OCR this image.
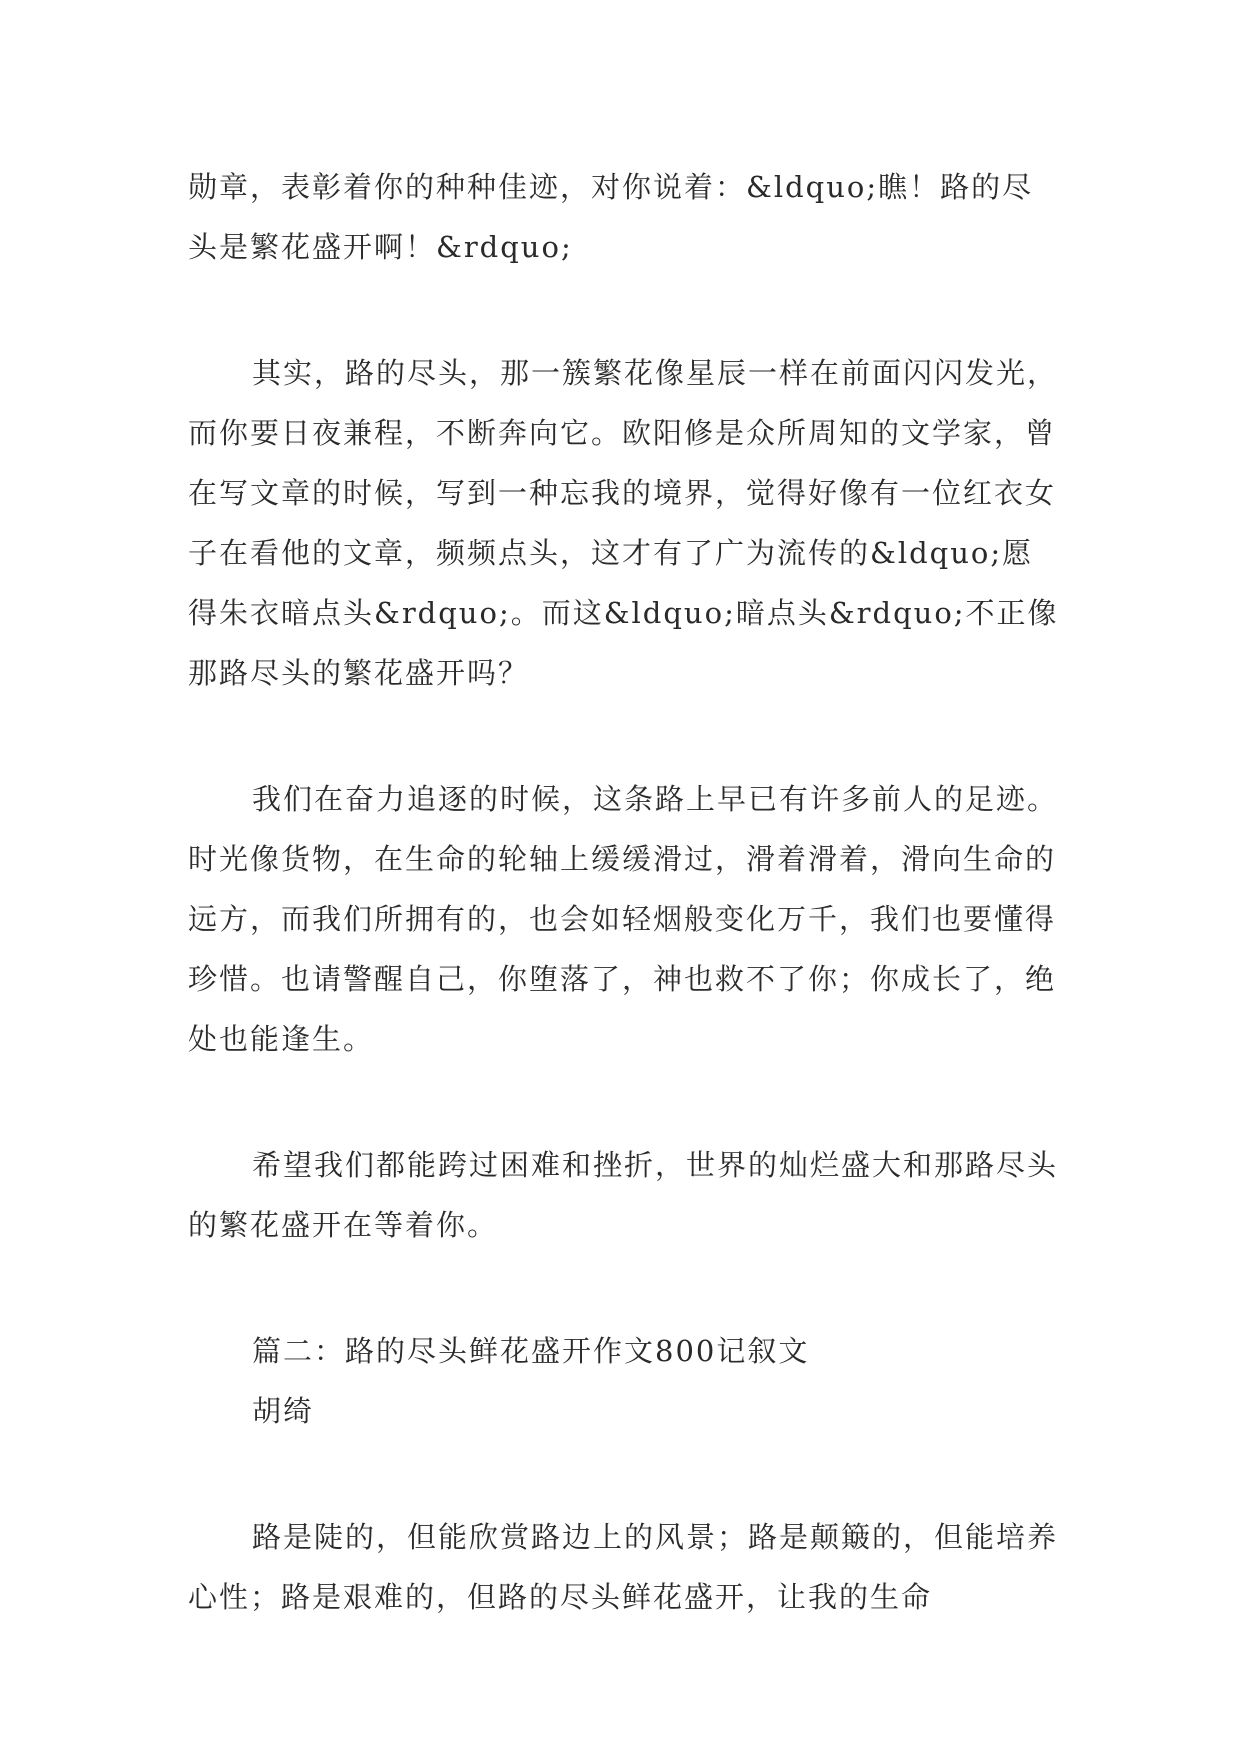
勋章，表彰着你的种种佳迹，对你说着：&ldquo;瞧！路的尽头是繁花盛开啊！&rdquo;

其实，路的尽头，那一簇繁花像星辰一样在前面闪闪发光，而你要日夜兼程，不断奔向它。欧阳修是众所周知的文学家，曾在写文章的时候，写到一种忘我的境界，觉得好像有一位红衣女子在看他的文章，频频点头，这才有了广为流传的&ldquo;愿得朱衣暗点头&rdquo;。而这&ldquo;暗点头&rdquo;不正像那路尽头的繁花盛开吗？

我们在奋力追逐的时候，这条路上早已有许多前人的足迹。时光像货物，在生命的轮轴上缓缓滑过，滑着滑着，滑向生命的远方，而我们所拥有的，也会如轻烟般变化万千，我们也要懂得珍惜。也请警醒自己，你堕落了，神也救不了你；你成长了，绝处也能逢生。

希望我们都能跨过困难和挫折，世界的灿烂盛大和那路尽头的繁花盛开在等着你。

篇二：路的尽头鲜花盛开作文800记叙文
胡绮

路是陡的，但能欣赏路边上的风景；路是颠簸的，但能培养心性；路是艰难的，但路的尽头鲜花盛开，让我的生命
